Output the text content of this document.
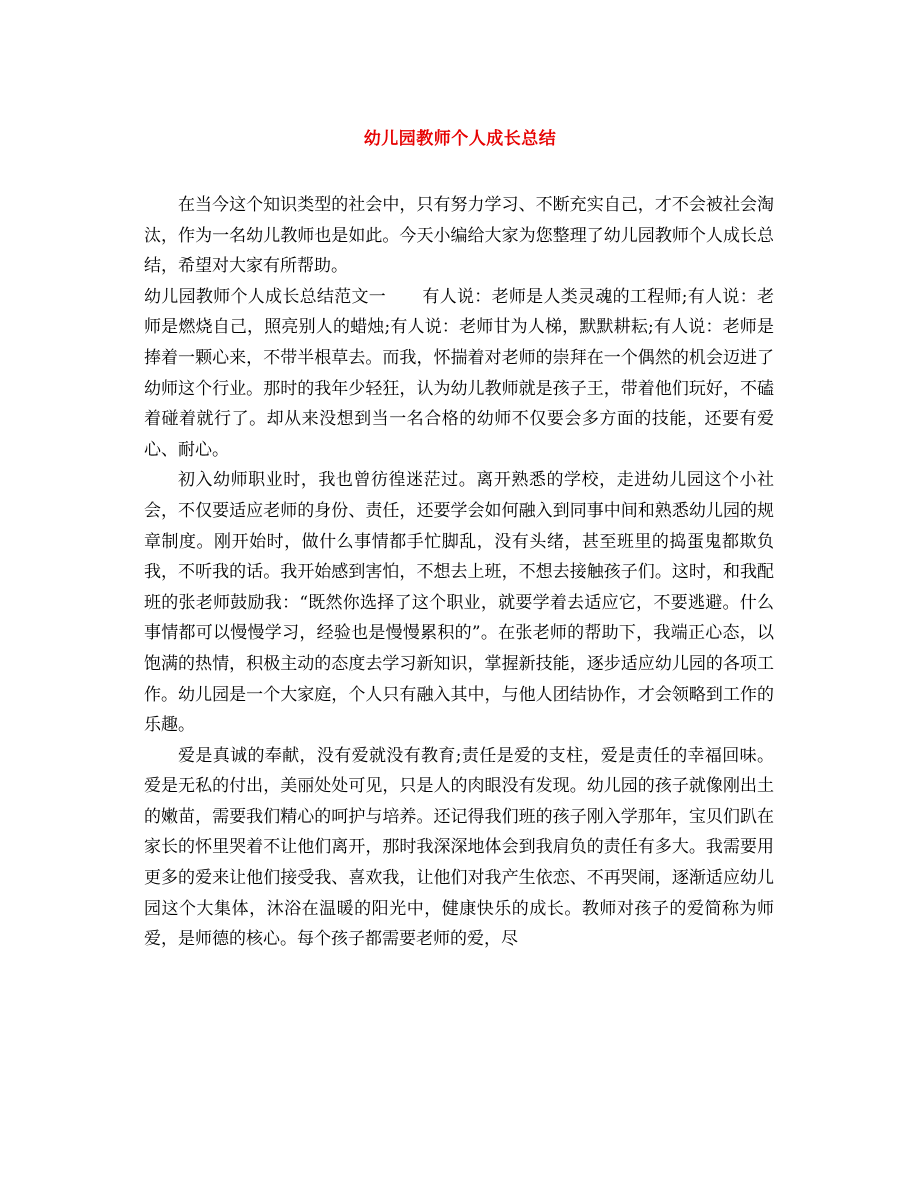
幼儿园教师个人成长总结

在当今这个知识类型的社会中，只有努力学习、不断充实自己，才不会被社会淘汰，作为一名幼儿教师也是如此。今天小编给大家为您整理了幼儿园教师个人成长总结，希望对大家有所帮助。

幼儿园教师个人成长总结范文一 有人说：老师是人类灵魂的工程师;有人说：老师是燃烧自己，照亮别人的蜡烛;有人说：老师甘为人梯，默默耕耘;有人说：老师是捧着一颗心来，不带半根草去。而我，怀揣着对老师的崇拜在一个偶然的机会迈进了幼师这个行业。那时的我年少轻狂，认为幼儿教师就是孩子王，带着他们玩好，不磕着碰着就行了。却从来没想到当一名合格的幼师不仅要会多方面的技能，还要有爱心、耐心。

初入幼师职业时，我也曾彷徨迷茫过。离开熟悉的学校，走进幼儿园这个小社会，不仅要适应老师的身份、责任，还要学会如何融入到同事中间和熟悉幼儿园的规章制度。刚开始时，做什么事情都手忙脚乱，没有头绪，甚至班里的捣蛋鬼都欺负我，不听我的话。我开始感到害怕，不想去上班，不想去接触孩子们。这时，和我配班的张老师鼓励我：“既然你选择了这个职业，就要学着去适应它，不要逃避。什么事情都可以慢慢学习，经验也是慢慢累积的”。在张老师的帮助下，我端正心态，以饱满的热情，积极主动的态度去学习新知识，掌握新技能，逐步适应幼儿园的各项工作。幼儿园是一个大家庭，个人只有融入其中，与他人团结协作，才会领略到工作的乐趣。

爱是真诚的奉献，没有爱就没有教育;责任是爱的支柱，爱是责任的幸福回味。爱是无私的付出，美丽处处可见，只是人的肉眼没有发现。幼儿园的孩子就像刚出土的嫩苗，需要我们精心的呵护与培养。还记得我们班的孩子刚入学那年，宝贝们趴在家长的怀里哭着不让他们离开，那时我深深地体会到我肩负的责任有多大。我需要用更多的爱来让他们接受我、喜欢我，让他们对我产生依恋、不再哭闹，逐渐适应幼儿园这个大集体，沐浴在温暖的阳光中，健康快乐的成长。教师对孩子的爱简称为师爱，是师德的核心。每个孩子都需要老师的爱，尽
